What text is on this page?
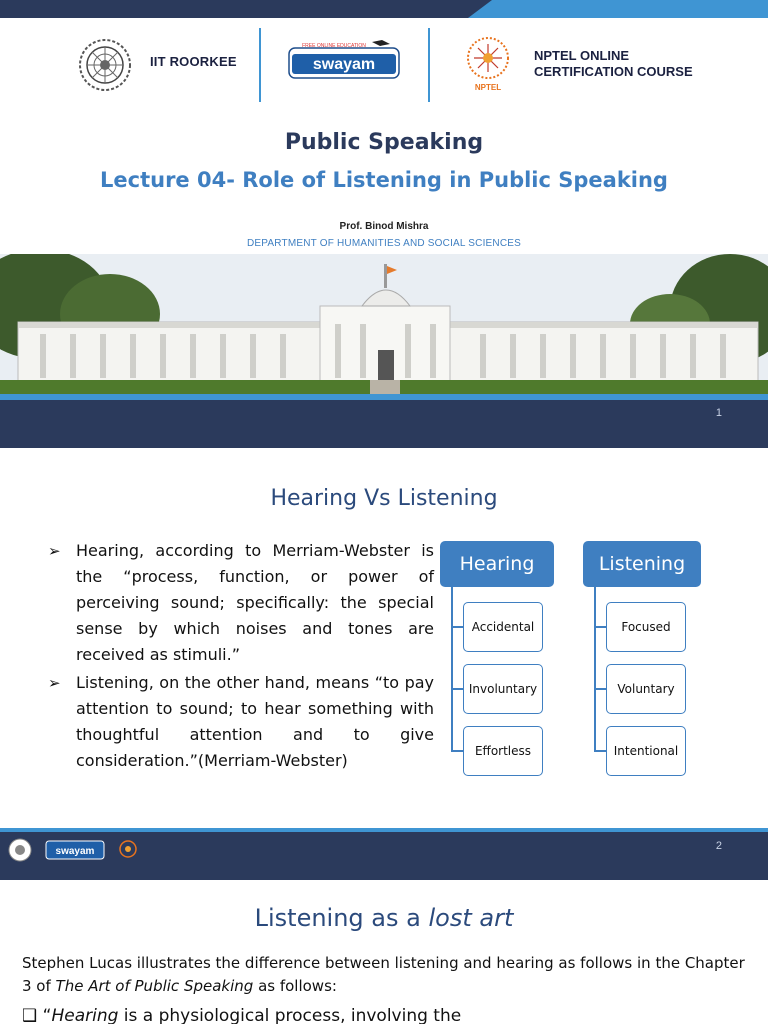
IIT ROORKEE	swayam
FREE ONLINE EDUCATION
NPTEL
NPTEL ONLINE
CERTIFICATION COURSE
Public Speaking
Lecture 04- Role of Listening in Public Speaking
Prof. Binod Mishra
DEPARTMENT OF HUMANITIES AND SOCIAL SCIENCES
1
Hearing Vs Listening
➢ Hearing, according to Merriam-Webster is the “process, function, or power of perceiving sound; specifically: the special sense by which noises and tones are received as stimuli.”
➢ Listening, on the other hand, means “to pay attention to sound; to hear something with thoughtful attention and to give consideration.”(Merriam-Webster)
Hearing
Accidental
Involuntary
Effortless
Listening
Focused
Voluntary
Intentional
swayam	2
Listening as a lost art
Stephen Lucas illustrates the difference between listening and hearing as follows in the Chapter 3 of The Art of Public Speaking as follows:
❑ “Hearing is a physiological process, involving the
